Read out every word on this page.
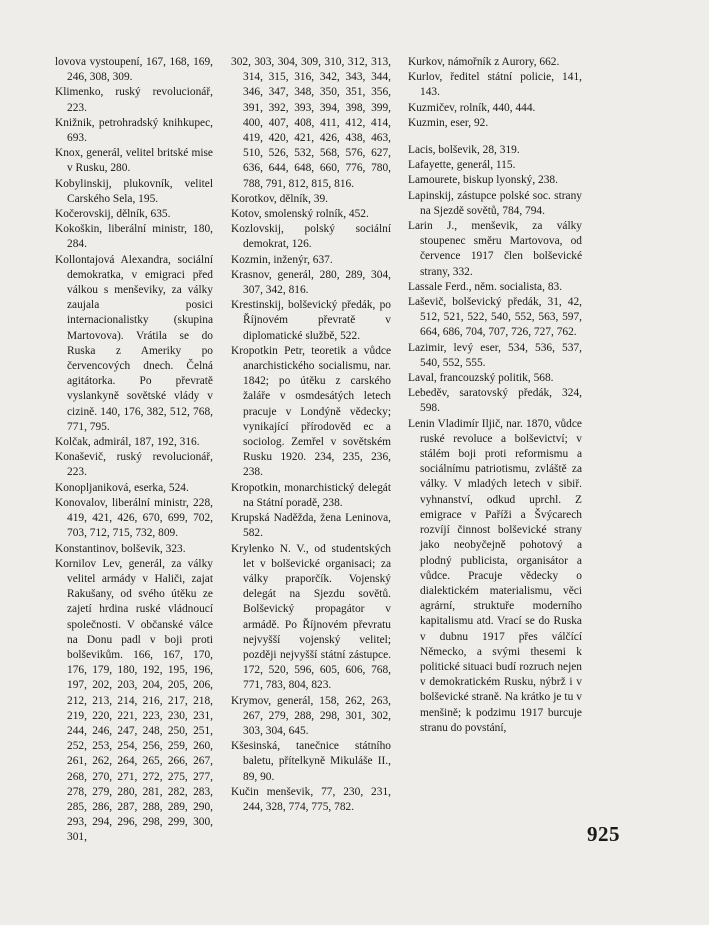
lovova vystoupení, 167, 168, 169, 246, 308, 309.

Klimenko, ruský revolucionář, 223.

Knižnik, petrohradský knihkupec, 693.

Knox, generál, velitel britské mise v Rusku, 280.

Kobylinskij, plukovník, velitel Carského Sela, 195.

Kočerovskij, dělník, 635.

Kokoškin, liberální ministr, 180, 284.

Kollontajová Alexandra, sociální demokratka, v emigraci před válkou s menševiky, za války zaujala posici internacionalistky (skupina Martovova). Vrátila se do Ruska z Ameriky po červencových dnech. Čelná agitátorka. Po převratě vyslankyně sovětské vlády v cizině. 140, 176, 382, 512, 768, 771, 795.

Kolčak, admirál, 187, 192, 316.

Konaševič, ruský revolucionář, 223.

Konopljaniková, eserka, 524.

Konovalov, liberální ministr, 228, 419, 421, 426, 670, 699, 702, 703, 712, 715, 732, 809.

Konstantinov, bolševik, 323.

Kornilov Lev, generál, za války velitel armády v Haliči, zajat Rakušany, od svého útěku ze zajetí hrdina ruské vládnoucí společnosti. V občanské válce na Donu padl v boji proti bolševikům. 166, 167, 170, 176, 179, 180, 192, 195, 196, 197, 202, 203, 204, 205, 206, 212, 213, 214, 216, 217, 218, 219, 220, 221, 223, 230, 231, 244, 246, 247, 248, 250, 251, 252, 253, 254, 256, 259, 260, 261, 262, 264, 265, 266, 267, 268, 270, 271, 272, 275, 277, 278, 279, 280, 281, 282, 283, 285, 286, 287, 288, 289, 290, 293, 294, 296, 298, 299, 300, 301,

302, 303, 304, 309, 310, 312, 313, 314, 315, 316, 342, 343, 344, 346, 347, 348, 350, 351, 356, 391, 392, 393, 394, 398, 399, 400, 407, 408, 411, 412, 414, 419, 420, 421, 426, 438, 463, 510, 526, 532, 568, 576, 627, 636, 644, 648, 660, 776, 780, 788, 791, 812, 815, 816.

Korotkov, dělník, 39.

Kotov, smolenský rolník, 452.

Kozlovskij, polský sociální demokrat, 126.

Kozmin, inženýr, 637.

Krasnov, generál, 280, 289, 304, 307, 342, 816.

Krestinskij, bolševický předák, po Říjnovém převratě v diplomatické službě, 522.

Kropotkin Petr, teoretik a vůdce anarchistického socialismu, nar. 1842; po útěku z carského žaláře v osmdesátých letech pracuje v Londýně vědecky; vynikající přírodověd ec a sociolog. Zemřel v sovětském Rusku 1920. 234, 235, 236, 238.

Kropotkin, monarchistický delegát na Státní poradě, 238.

Krupská Naděžda, žena Leninova, 582.

Krylenko N. V., od studentských let v bolševické organisaci; za války praporčík. Vojenský delegát na Sjezdu sovětů. Bolševický propagátor v armádě. Po Říjnovém převratu nejvyšší vojenský velitel; později nejvyšší státní zástupce. 172, 520, 596, 605, 606, 768, 771, 783, 804, 823.

Krymov, generál, 158, 262, 263, 267, 279, 288, 298, 301, 302, 303, 304, 645.

Kšesinská, tanečnice státního baletu, přítelkyně Mikuláše II., 89, 90.

Kučin menševik, 77, 230, 231, 244, 328, 774, 775, 782.

Kurkov, námořník z Aurory, 662.

Kurlov, ředitel státní policie, 141, 143.

Kuzmičev, rolník, 440, 444.

Kuzmin, eser, 92.

Lacis, bolševik, 28, 319.

Lafayette, generál, 115.

Lamourete, biskup lyonský, 238.

Lapinskij, zástupce polské soc. strany na Sjezdě sovětů, 784, 794.

Larin J., menševik, za války stoupenec směru Martovova, od července 1917 člen bolševické strany, 332.

Lassale Ferd., něm. socialista, 83.

Laševič, bolševický předák, 31, 42, 512, 521, 522, 540, 552, 563, 597, 664, 686, 704, 707, 726, 727, 762.

Lazimir, levý eser, 534, 536, 537, 540, 552, 555.

Laval, francouzský politik, 568.

Lebeděv, saratovský předák, 324, 598.

Lenin Vladimír Iljič, nar. 1870, vůdce ruské revoluce a bolševictví; v stálém boji proti reformismu a sociálnímu patriotismu, zvláště za války. V mladých letech v sibiř. vyhnanství, odkud uprchl. Z emigrace v Paříži a Švýcarech rozvíjí činnost bolševické strany jako neobyčejně pohotový a plodný publicista, organisátor a vůdce. Pracuje vědecky o dialektickém materialismu, věci agrární, struktuře moderního kapitalismu atd. Vrací se do Ruska v dubnu 1917 přes válčící Německo, a svými thesemi k politické situaci budí rozruch nejen v demokratickém Rusku, nýbrž i v bolševické straně. Na krátko je tu v menšině; k podzimu 1917 burcuje stranu do povstání,

925
